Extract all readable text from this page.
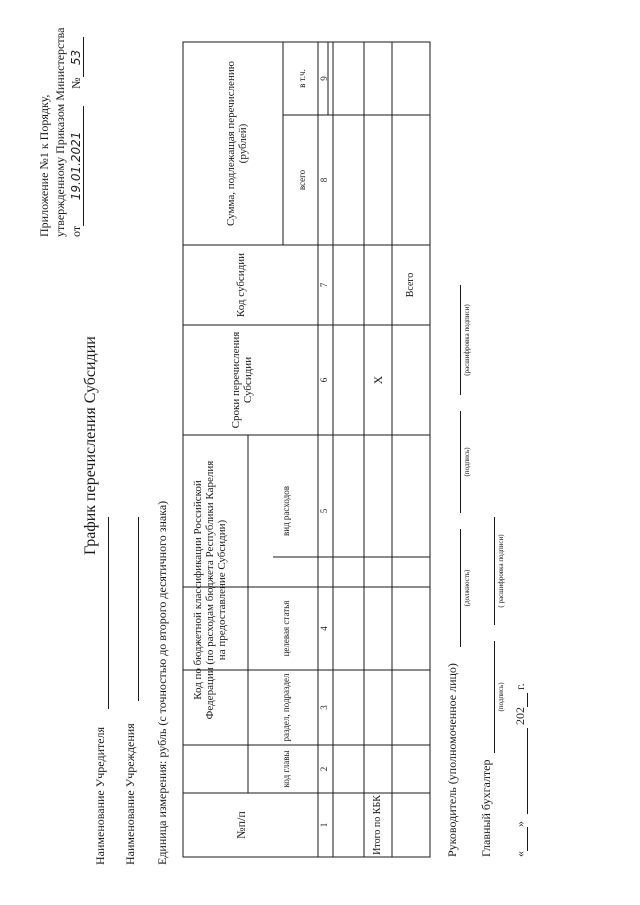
Приложение №1 к Порядку, утвержденному Приказом Министерства от19.01.2021 №53
График перечисления Субсидии
Наименование Учредителя Наименование Учреждения Единица измерения: рубль (с точностью до второго десятичного знака)	№п/п
Код по бюджетной классификации Российской Федерации (по расходам бюджета Республики Карелия на предоставление Субсидии)
код главы
раздел, подраздел
целевая статья
вид расходов
Сроки перечисления Субсидии
Код субсидии
Сумма, подлежащая перечислению (рублей)
всего
в т.ч.
1
2
3
4
5
6
7
8
9
Итого по КБК
X
Всего
Руководитель (уполномоченное лицо)
(должность)
(подпись)
(расшифровка подписи)
Главный бухгалтер
(подпись)
( расшифровка подписи)
« »   202  г.
